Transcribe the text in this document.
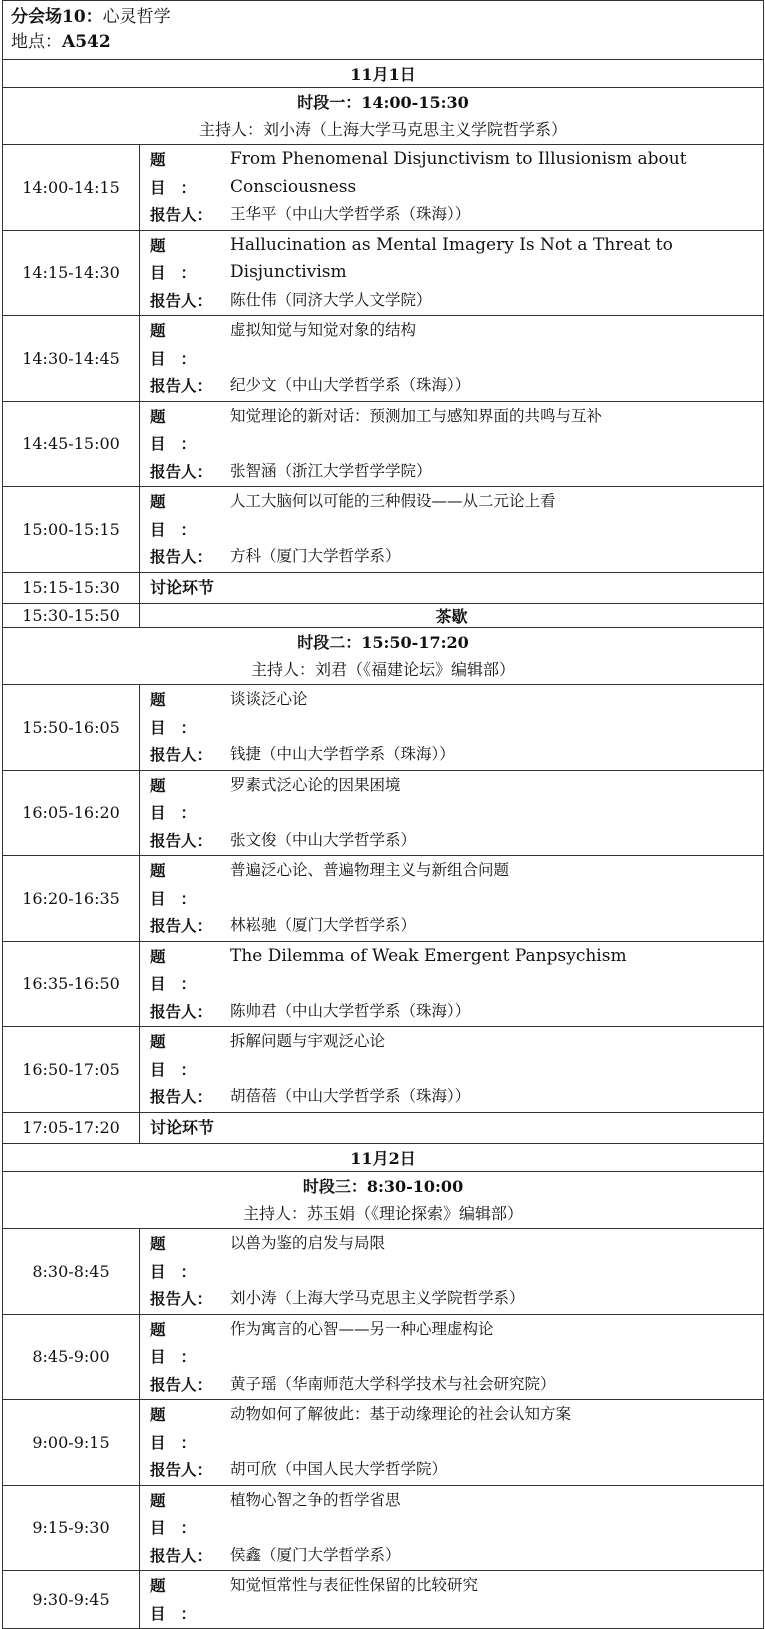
分会场10：心灵哲学
地点：A542	

11月1日	

时段一：14:00-15:30
主持人：刘小涛（上海大学马克思主义学院哲学系）	

14:00-14:15	题　目：
From Phenomenal Disjunctivism to Illusionism about Consciousness
报告人： 王华平（中山大学哲学系（珠海））

14:15-14:30	题　目：
Hallucination as Mental Imagery Is Not a Threat to Disjunctivism
报告人： 陈仕伟（同济大学人文学院）

14:30-14:45	题　目：
虚拟知觉与知觉对象的结构
报告人： 纪少文（中山大学哲学系（珠海））

14:45-15:00	题　目：
知觉理论的新对话：预测加工与感知界面的共鸣与互补
报告人： 张智涵（浙江大学哲学学院）

15:00-15:15	题　目：
人工大脑何以可能的三种假设——从二元论上看
报告人： 方科（厦门大学哲学系）

15:15-15:30	讨论环节
15:30-15:50	茶歇

时段二：15:50-17:20
主持人：刘君（《福建论坛》编辑部）	

15:50-16:05	题　目：
谈谈泛心论
报告人： 钱捷（中山大学哲学系（珠海））

16:05-16:20	题　目：
罗素式泛心论的因果困境
报告人： 张文俊（中山大学哲学系）

16:20-16:35	题　目：
普遍泛心论、普遍物理主义与新组合问题
报告人： 林崧驰（厦门大学哲学系）

16:35-16:50	题　目：
The Dilemma of Weak Emergent Panpsychism
报告人： 陈帅君（中山大学哲学系（珠海））

16:50-17:05	题　目：
拆解问题与宇观泛心论
报告人： 胡蓓蓓（中山大学哲学系（珠海））

17:05-17:20	讨论环节
11月2日	

时段三：8:30-10:00
主持人：苏玉娟（《理论探索》编辑部）	

8:30-8:45	题　目：
以兽为鉴的启发与局限
报告人： 刘小涛（上海大学马克思主义学院哲学系）

8:45-9:00	题　目：
作为寓言的心智——另一种心理虚构论
报告人： 黄子瑶（华南师范大学科学技术与社会研究院）

9:00-9:15	题　目：
动物如何了解彼此：基于动缘理论的社会认知方案
报告人： 胡可欣（中国人民大学哲学院）

9:15-9:30	题　目：
植物心智之争的哲学省思
报告人： 侯鑫（厦门大学哲学系）

9:30-9:45	题　目：
知觉恒常性与表征性保留的比较研究
